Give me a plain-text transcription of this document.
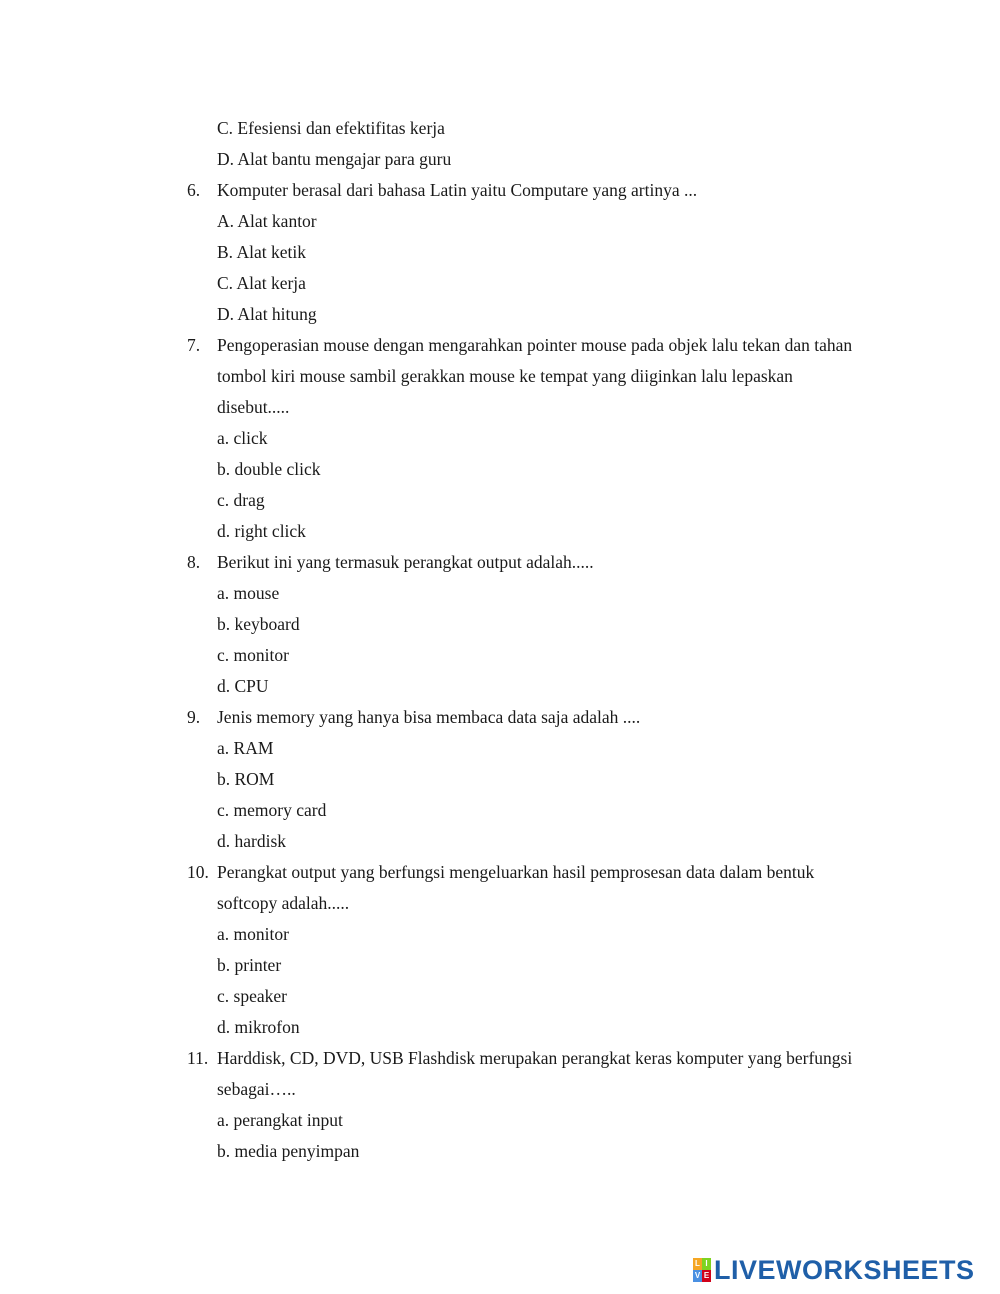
C. Efesiensi dan efektifitas kerja
D. Alat bantu mengajar para guru
6. Komputer berasal dari bahasa Latin yaitu Computare yang artinya ...
A. Alat kantor
B. Alat ketik
C. Alat kerja
D. Alat hitung
7. Pengoperasian mouse dengan mengarahkan pointer mouse pada objek lalu tekan dan tahan
tombol kiri mouse sambil gerakkan mouse ke tempat yang diiginkan lalu lepaskan
disebut.....
a. click
b. double click
c. drag
d. right click
8. Berikut ini yang termasuk perangkat output adalah.....
a. mouse
b. keyboard
c. monitor
d. CPU
9. Jenis memory yang hanya bisa membaca data saja adalah ....
a. RAM
b. ROM
c. memory card
d. hardisk
10. Perangkat output yang berfungsi mengeluarkan hasil pemprosesan data dalam bentuk
softcopy adalah.....
a. monitor
b. printer
c. speaker
d. mikrofon
11. Harddisk, CD, DVD, USB Flashdisk merupakan perangkat keras komputer yang berfungsi
sebagai…..
a. perangkat input
b. media penyimpan
L I
V E LIVEWORKSHEETS
